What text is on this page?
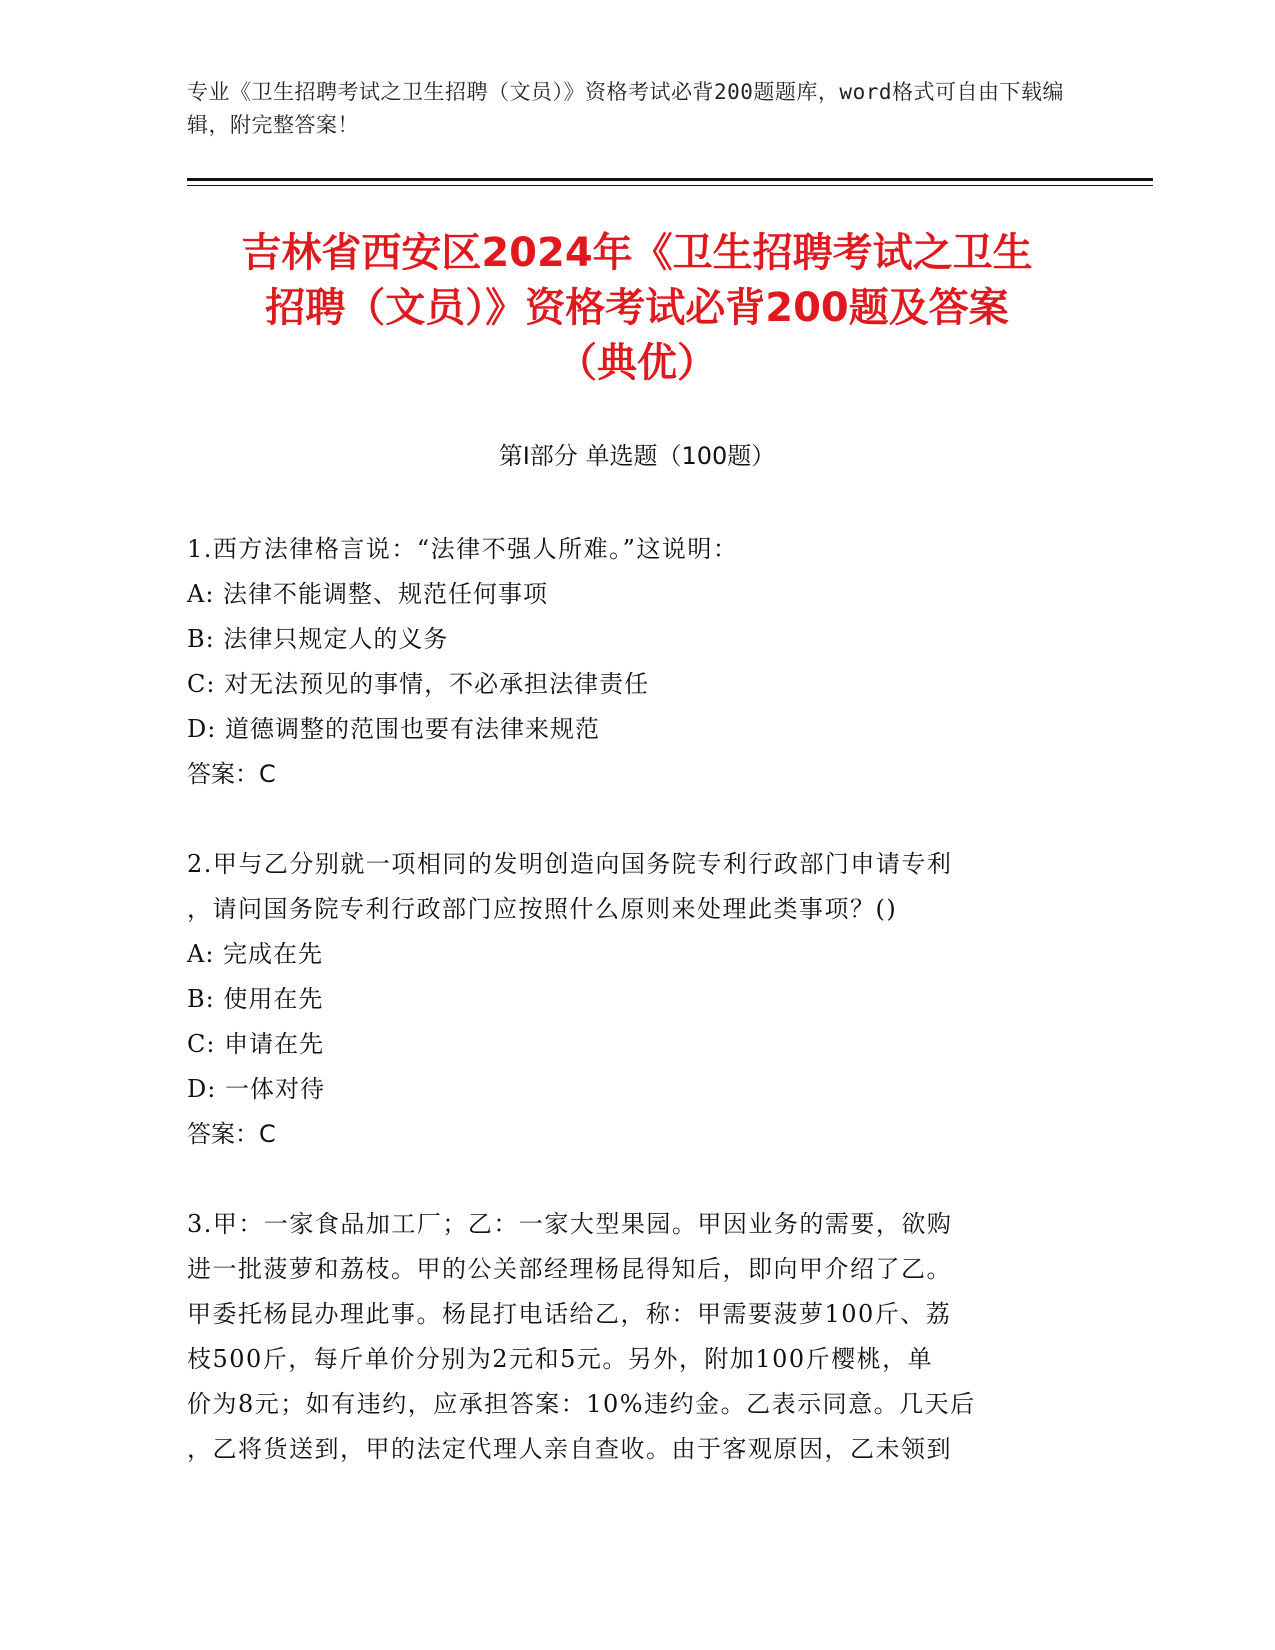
专业《卫生招聘考试之卫生招聘（文员）》资格考试必背200题题库，word格式可自由下载编辑，附完整答案！
吉林省西安区2024年《卫生招聘考试之卫生
招聘（文员）》资格考试必背200题及答案
（典优）
第Ⅰ部分 单选题（100题）
1.西方法律格言说：“法律不强人所难。”这说明：
A: 法律不能调整、规范任何事项
B: 法律只规定人的义务
C: 对无法预见的事情，不必承担法律责任
D: 道德调整的范围也要有法律来规范
答案：C
2.甲与乙分别就一项相同的发明创造向国务院专利行政部门申请专利
，请问国务院专利行政部门应按照什么原则来处理此类事项？()
A: 完成在先
B: 使用在先
C: 申请在先
D: 一体对待
答案：C
3.甲：一家食品加工厂；乙：一家大型果园。甲因业务的需要，欲购
进一批菠萝和荔枝。甲的公关部经理杨昆得知后，即向甲介绍了乙。
甲委托杨昆办理此事。杨昆打电话给乙，称：甲需要菠萝100斤、荔
枝500斤，每斤单价分别为2元和5元。另外，附加100斤樱桃，单
价为8元；如有违约，应承担答案：10%违约金。乙表示同意。几天后
，乙将货送到，甲的法定代理人亲自查收。由于客观原因，乙未领到
